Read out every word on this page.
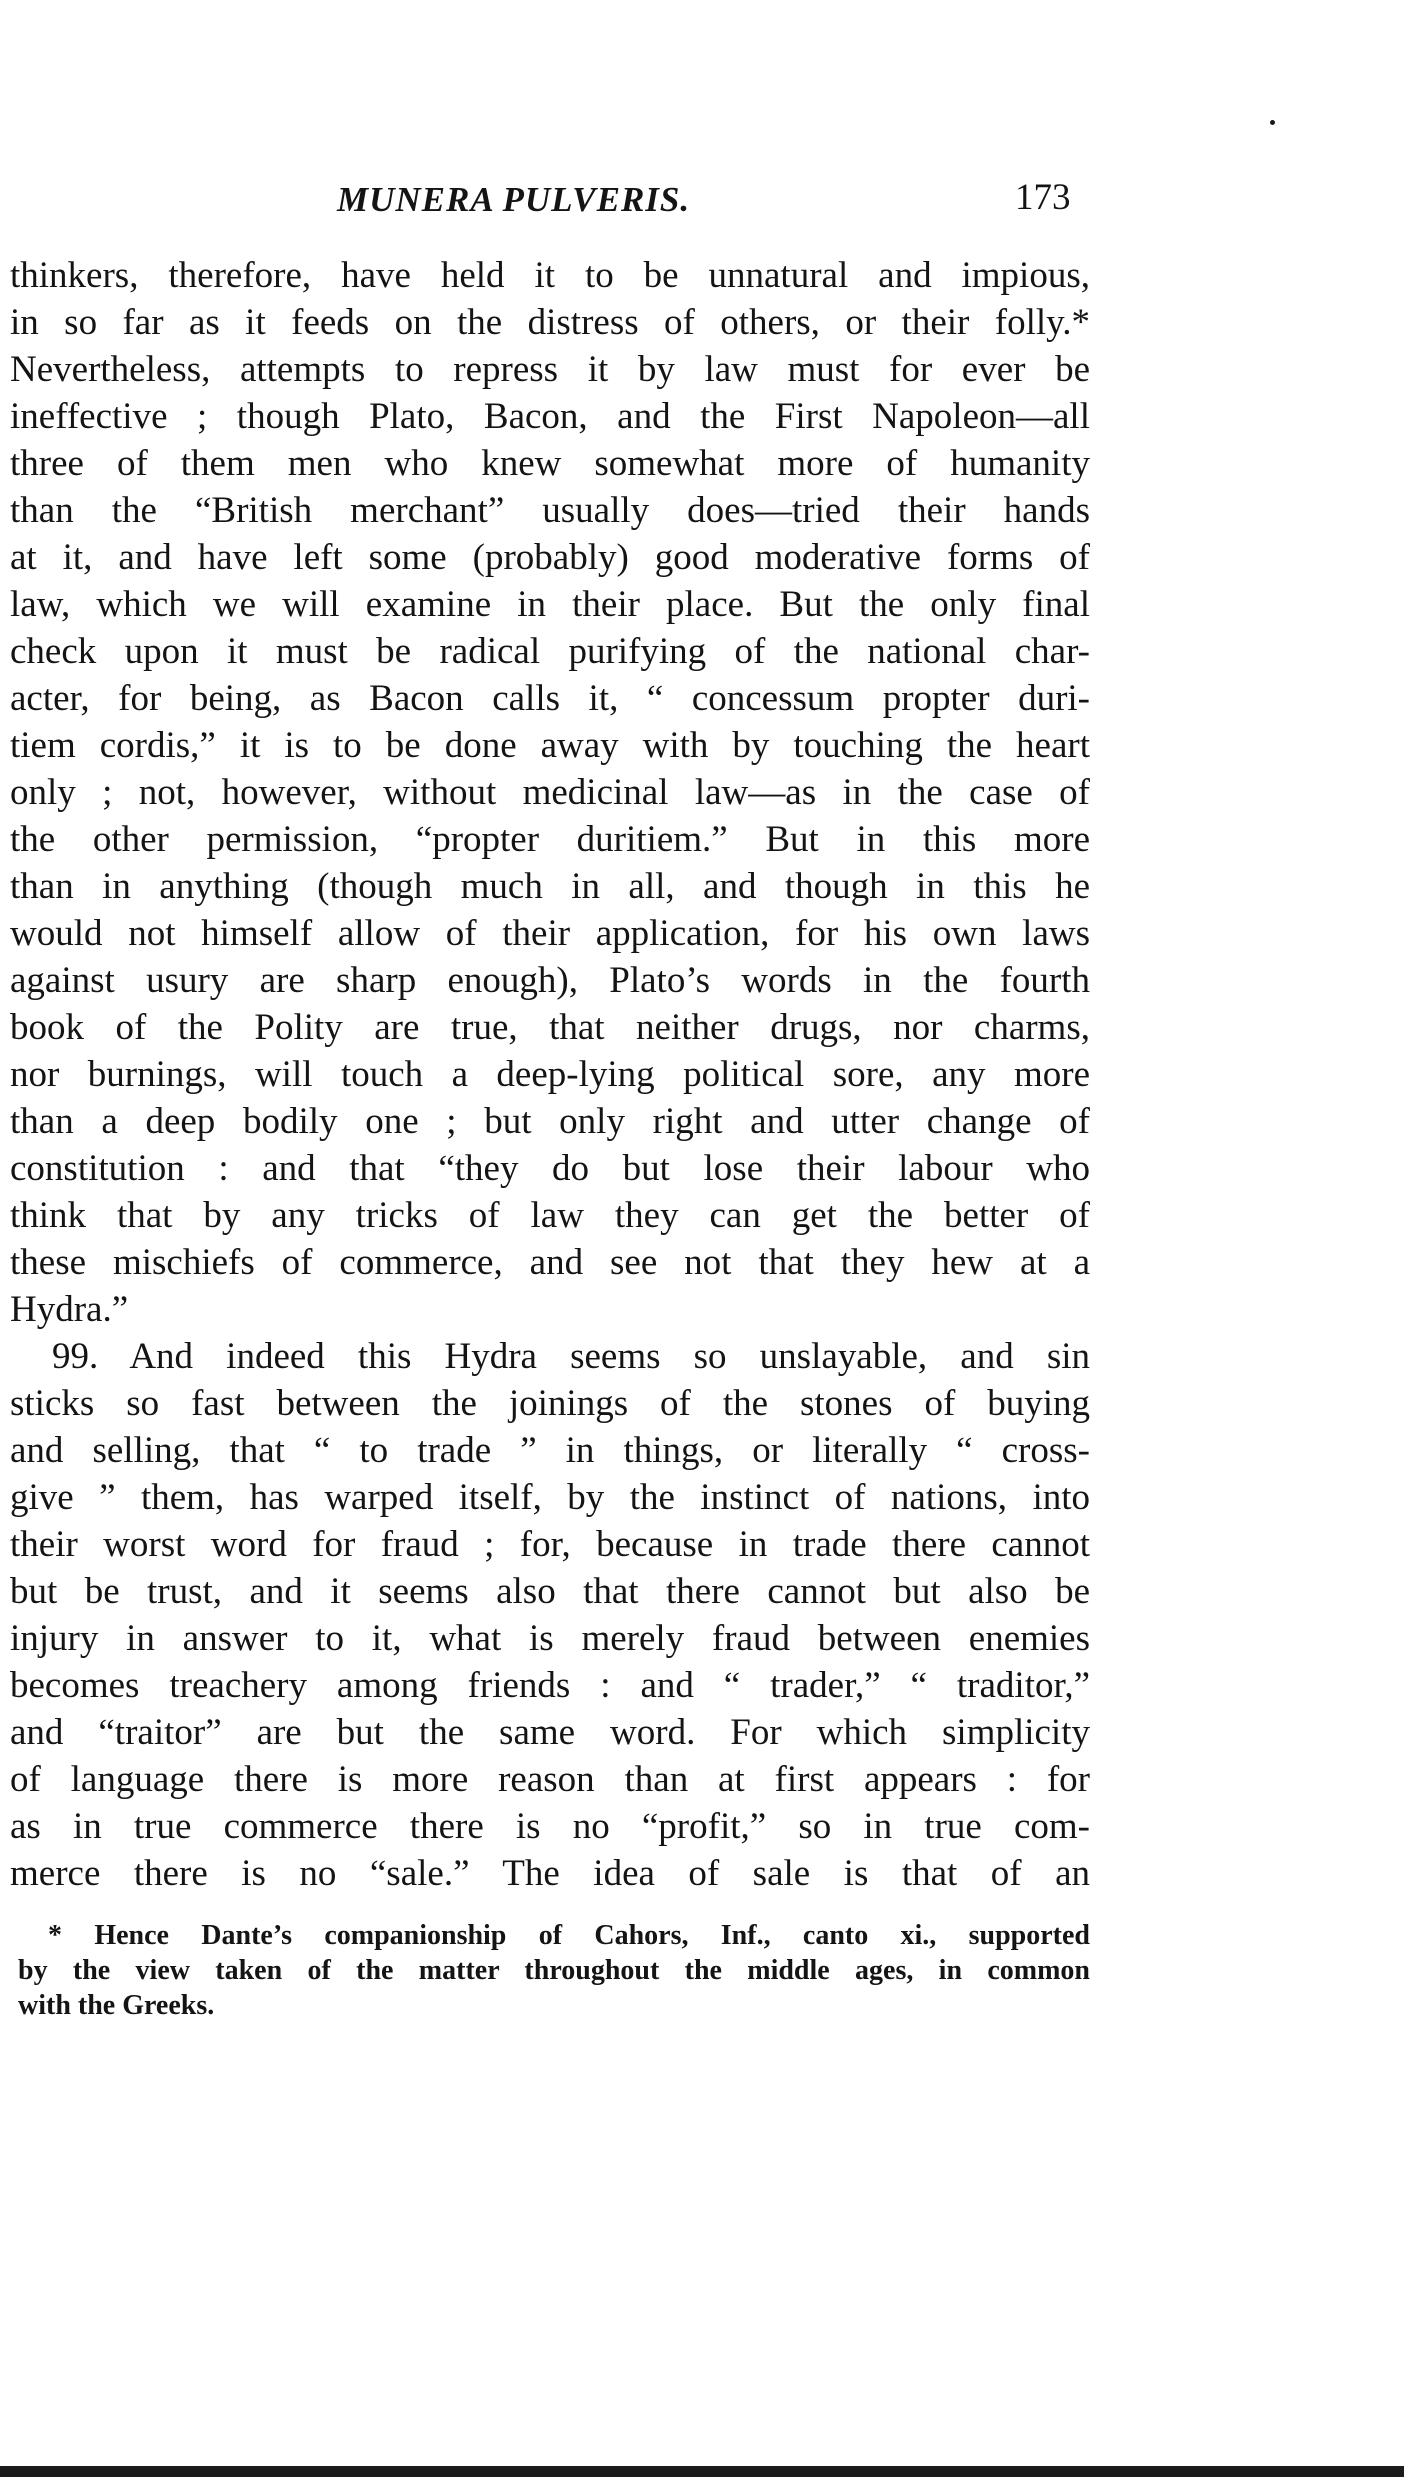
MUNERA PULVERIS.	173
thinkers, therefore, have held it to be unnatural and impious,
in so far as it feeds on the distress of others, or their folly.*
Nevertheless, attempts to repress it by law must for ever be
ineffective ; though Plato, Bacon, and the First Napoleon—all
three of them men who knew somewhat more of humanity
than the “British merchant” usually does—tried their hands
at it, and have left some (probably) good moderative forms of
law, which we will examine in their place. But the only final
check upon it must be radical purifying of the national char-
acter, for being, as Bacon calls it, “ concessum propter duri-
tiem cordis,” it is to be done away with by touching the heart
only ; not, however, without medicinal law—as in the case of
the other permission, “propter duritiem.” But in this more
than in anything (though much in all, and though in this he
would not himself allow of their application, for his own laws
against usury are sharp enough), Plato’s words in the fourth
book of the Polity are true, that neither drugs, nor charms,
nor burnings, will touch a deep-lying political sore, any more
than a deep bodily one ; but only right and utter change of
constitution : and that “they do but lose their labour who
think that by any tricks of law they can get the better of
these mischiefs of commerce, and see not that they hew at a
Hydra.”
99. And indeed this Hydra seems so unslayable, and sin
sticks so fast between the joinings of the stones of buying
and selling, that “ to trade ” in things, or literally “ cross-
give ” them, has warped itself, by the instinct of nations, into
their worst word for fraud ; for, because in trade there cannot
but be trust, and it seems also that there cannot but also be
injury in answer to it, what is merely fraud between enemies
becomes treachery among friends : and “ trader,” “ traditor,”
and “traitor” are but the same word. For which simplicity
of language there is more reason than at first appears : for
as in true commerce there is no “profit,” so in true com-
merce there is no “sale.” The idea of sale is that of an
* Hence Dante’s companionship of Cahors, Inf., canto xi., supported
by the view taken of the matter throughout the middle ages, in common
with the Greeks.
